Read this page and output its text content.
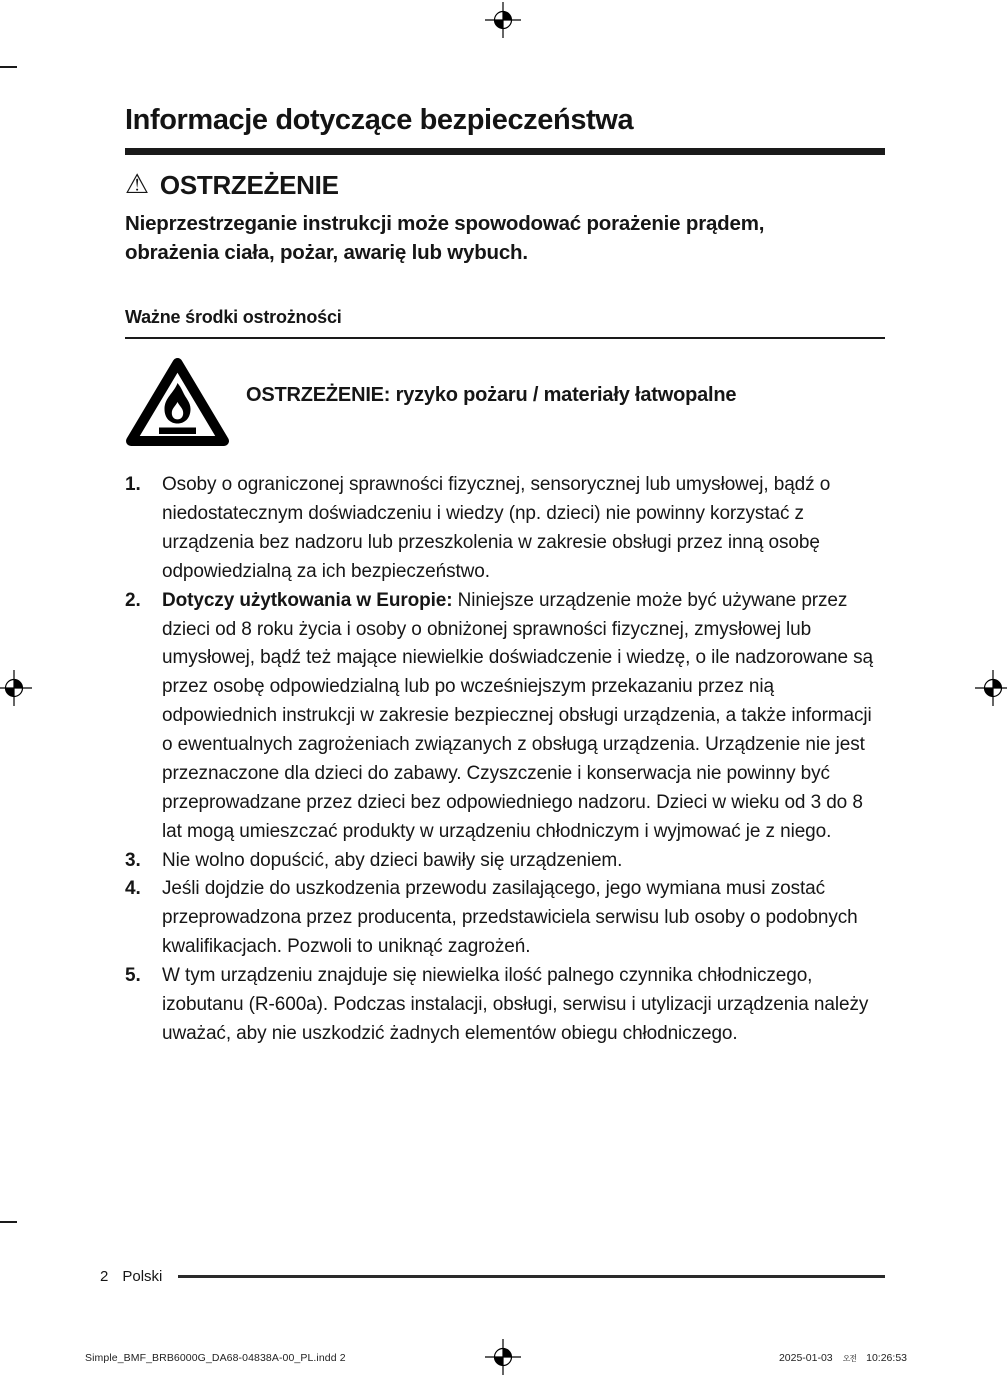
Informacje dotyczące bezpieczeństwa
⚠ OSTRZEŻENIE
Nieprzestrzeganie instrukcji może spowodować porażenie prądem, obrażenia ciała, pożar, awarię lub wybuch.
Ważne środki ostrożności
OSTRZEŻENIE: ryzyko pożaru / materiały łatwopalne
1.	Osoby o ograniczonej sprawności fizycznej, sensorycznej lub umysłowej, bądź o niedostatecznym doświadczeniu i wiedzy (np. dzieci) nie powinny korzystać z urządzenia bez nadzoru lub przeszkolenia w zakresie obsługi przez inną osobę odpowiedzialną za ich bezpieczeństwo.
2.	Dotyczy użytkowania w Europie: Niniejsze urządzenie może być używane przez dzieci od 8 roku życia i osoby o obniżonej sprawności fizycznej, zmysłowej lub umysłowej, bądź też mające niewielkie doświadczenie i wiedzę, o ile nadzorowane są przez osobę odpowiedzialną lub po wcześniejszym przekazaniu przez nią odpowiednich instrukcji w zakresie bezpiecznej obsługi urządzenia, a także informacji o ewentualnych zagrożeniach związanych z obsługą urządzenia. Urządzenie nie jest przeznaczone dla dzieci do zabawy. Czyszczenie i konserwacja nie powinny być przeprowadzane przez dzieci bez odpowiedniego nadzoru. Dzieci w wieku od 3 do 8 lat mogą umieszczać produkty w urządzeniu chłodniczym i wyjmować je z niego.
3.	Nie wolno dopuścić, aby dzieci bawiły się urządzeniem.
4.	Jeśli dojdzie do uszkodzenia przewodu zasilającego, jego wymiana musi zostać przeprowadzona przez producenta, przedstawiciela serwisu lub osoby o podobnych kwalifikacjach. Pozwoli to uniknąć zagrożeń.
5.	W tym urządzeniu znajduje się niewielka ilość palnego czynnika chłodniczego, izobutanu (R-600a). Podczas instalacji, obsługi, serwisu i utylizacji urządzenia należy uważać, aby nie uszkodzić żadnych elementów obiegu chłodniczego.
2 Polski
Simple_BMF_BRB6000G_DA68-04838A-00_PL.indd 2	2025-01-03 오전 10:26:53
